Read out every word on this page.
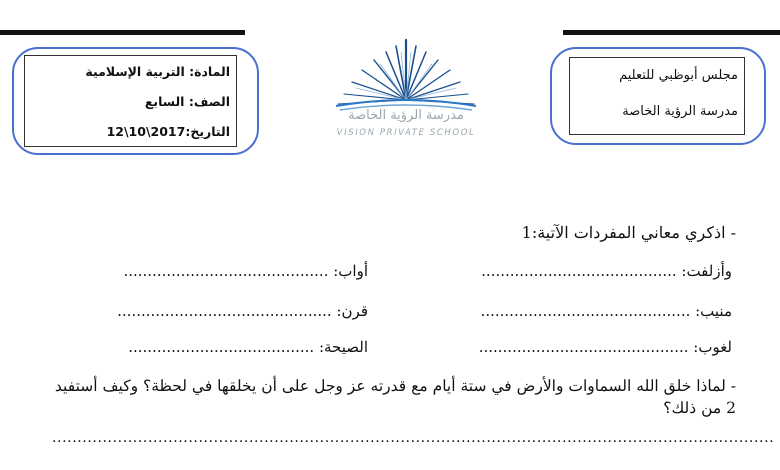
المادة: التربية الإسلامية
الصف: السابع
التاريخ:2017\10\12
مدرسة الرؤية الخاصة
VISION PRIVATE SCHOOL
مجلس أبوظبي للتعليم
مدرسة الرؤية الخاصة
- اذكري معاني المفردات الآتية:1
وأزلفت: .........................................
أواب: ...........................................
منيب: ............................................
قرن: .............................................
لغوب: ............................................
الصيحة: .......................................
- لماذا خلق الله السماوات والأرض في ستة أيام مع قدرته عز وجل على أن يخلقها في لحظة؟ وكيف أستفيد 2 من ذلك؟
...............................................................................................................................................
